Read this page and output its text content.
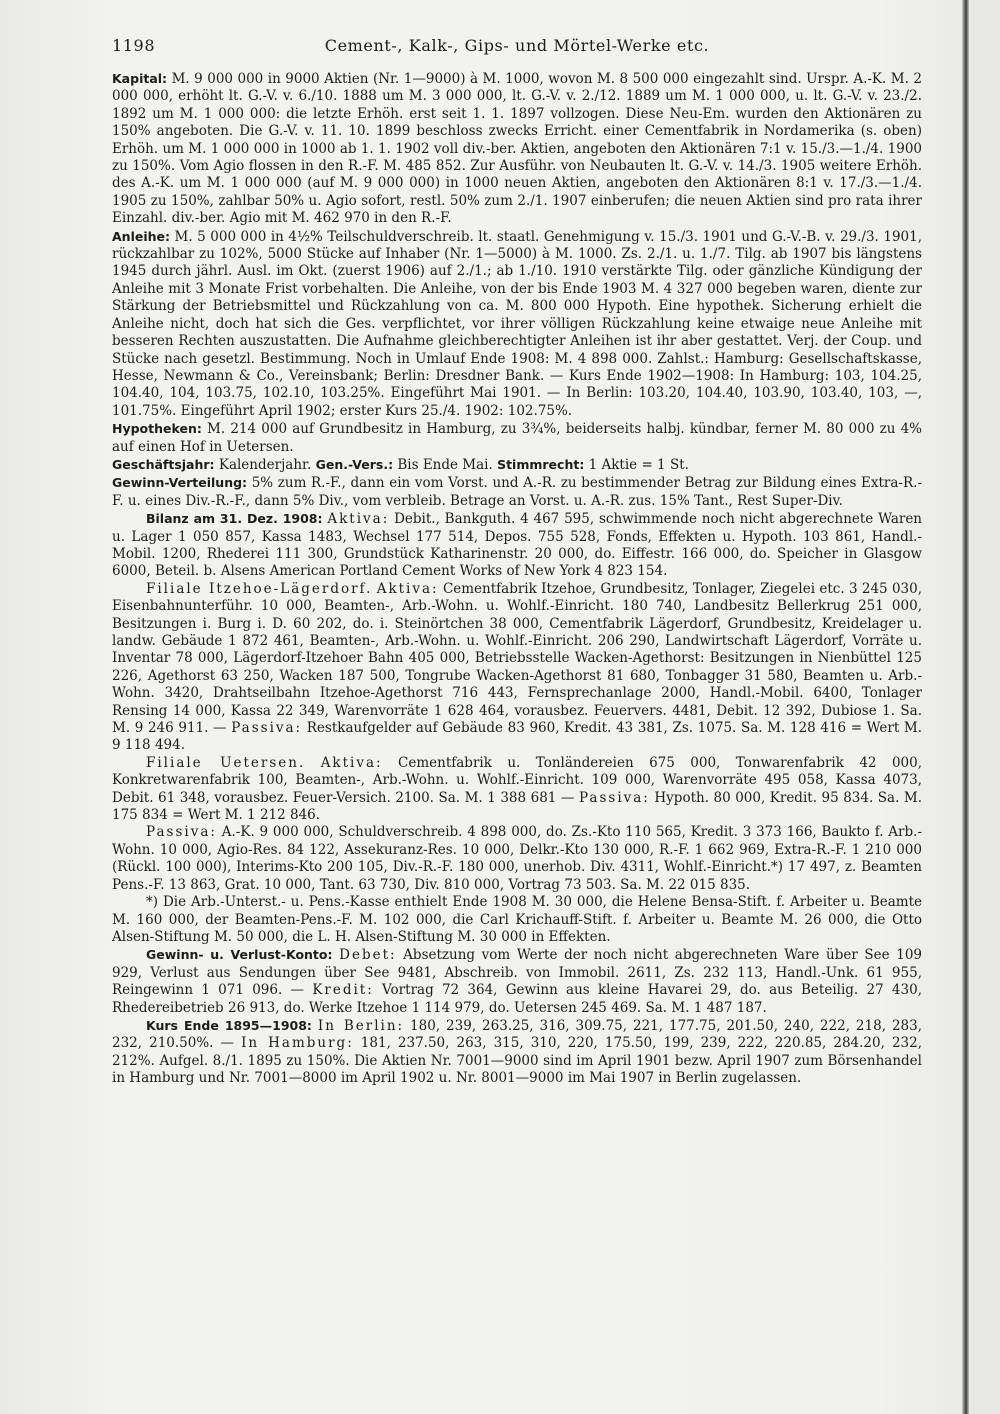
1198	Cement-, Kalk-, Gips- und Mörtel-Werke etc.

Kapital: M. 9 000 000 in 9000 Aktien (Nr. 1—9000) à M. 1000, wovon M. 8 500 000 eingezahlt sind. Urspr. A.-K. M. 2 000 000, erhöht lt. G.-V. v. 6./10. 1888 um M. 3 000 000, lt. G.-V. v. 2./12. 1889 um M. 1 000 000, u. lt. G.-V. v. 23./2. 1892 um M. 1 000 000: die letzte Erhöh. erst seit 1. 1. 1897 vollzogen. Diese Neu-Em. wurden den Aktionären zu 150% angeboten. Die G.-V. v. 11. 10. 1899 beschloss zwecks Erricht. einer Cementfabrik in Nordamerika (s. oben) Erhöh. um M. 1 000 000 in 1000 ab 1. 1. 1902 voll div.-ber. Aktien, angeboten den Aktionären 7:1 v. 15./3.—1./4. 1900 zu 150%. Vom Agio flossen in den R.-F. M. 485 852. Zur Ausführ. von Neubauten lt. G.-V. v. 14./3. 1905 weitere Erhöh. des A.-K. um M. 1 000 000 (auf M. 9 000 000) in 1000 neuen Aktien, angeboten den Aktionären 8:1 v. 17./3.—1./4. 1905 zu 150%, zahlbar 50% u. Agio sofort, restl. 50% zum 2./1. 1907 einberufen; die neuen Aktien sind pro rata ihrer Einzahl. div.-ber. Agio mit M. 462 970 in den R.-F.

Anleihe: M. 5 000 000 in 4½% Teilschuldverschreib. lt. staatl. Genehmigung v. 15./3. 1901 und G.-V.-B. v. 29./3. 1901, rückzahlbar zu 102%, 5000 Stücke auf Inhaber (Nr. 1—5000) à M. 1000. Zs. 2./1. u. 1./7. Tilg. ab 1907 bis längstens 1945 durch jährl. Ausl. im Okt. (zuerst 1906) auf 2./1.; ab 1./10. 1910 verstärkte Tilg. oder gänzliche Kündigung der Anleihe mit 3 Monate Frist vorbehalten. Die Anleihe, von der bis Ende 1903 M. 4 327 000 begeben waren, diente zur Stärkung der Betriebsmittel und Rückzahlung von ca. M. 800 000 Hypoth. Eine hypothek. Sicherung erhielt die Anleihe nicht, doch hat sich die Ges. verpflichtet, vor ihrer völligen Rückzahlung keine etwaige neue Anleihe mit besseren Rechten auszustatten. Die Aufnahme gleichberechtigter Anleihen ist ihr aber gestattet. Verj. der Coup. und Stücke nach gesetzl. Bestimmung. Noch in Umlauf Ende 1908: M. 4 898 000. Zahlst.: Hamburg: Gesellschaftskasse, Hesse, Newmann & Co., Vereinsbank; Berlin: Dresdner Bank. — Kurs Ende 1902—1908: In Hamburg: 103, 104.25, 104.40, 104, 103.75, 102.10, 103.25%. Eingeführt Mai 1901. — In Berlin: 103.20, 104.40, 103.90, 103.40, 103, —, 101.75%. Eingeführt April 1902; erster Kurs 25./4. 1902: 102.75%.

Hypotheken: M. 214 000 auf Grundbesitz in Hamburg, zu 3¾%, beiderseits halbj. kündbar, ferner M. 80 000 zu 4% auf einen Hof in Uetersen.

Geschäftsjahr: Kalenderjahr. Gen.-Vers.: Bis Ende Mai. Stimmrecht: 1 Aktie = 1 St.

Gewinn-Verteilung: 5% zum R.-F., dann ein vom Vorst. und A.-R. zu bestimmender Betrag zur Bildung eines Extra-R.-F. u. eines Div.-R.-F., dann 5% Div., vom verbleib. Betrage an Vorst. u. A.-R. zus. 15% Tant., Rest Super-Div.

Bilanz am 31. Dez. 1908: Aktiva: Debit., Bankguth. 4 467 595, schwimmende noch nicht abgerechnete Waren u. Lager 1 050 857, Kassa 1483, Wechsel 177 514, Depos. 755 528, Fonds, Effekten u. Hypoth. 103 861, Handl.-Mobil. 1200, Rhederei 111 300, Grundstück Katharinenstr. 20 000, do. Eiffestr. 166 000, do. Speicher in Glasgow 6000, Beteil. b. Alsens American Portland Cement Works of New York 4 823 154.

Filiale Itzehoe-Lägerdorf. Aktiva: Cementfabrik Itzehoe, Grundbesitz, Tonlager, Ziegelei etc. 3 245 030, Eisenbahnunterführ. 10 000, Beamten-, Arb.-Wohn. u. Wohlf.-Einricht. 180 740, Landbesitz Bellerkrug 251 000, Besitzungen i. Burg i. D. 60 202, do. i. Steinörtchen 38 000, Cementfabrik Lägerdorf, Grundbesitz, Kreidelager u. landw. Gebäude 1 872 461, Beamten-, Arb.-Wohn. u. Wohlf.-Einricht. 206 290, Landwirtschaft Lägerdorf, Vorräte u. Inventar 78 000, Lägerdorf-Itzehoer Bahn 405 000, Betriebsstelle Wacken-Agethorst: Besitzungen in Nienbüttel 125 226, Agethorst 63 250, Wacken 187 500, Tongrube Wacken-Agethorst 81 680, Tonbagger 31 580, Beamten u. Arb.-Wohn. 3420, Drahtseilbahn Itzehoe-Agethorst 716 443, Fernsprechanlage 2000, Handl.-Mobil. 6400, Tonlager Rensing 14 000, Kassa 22 349, Warenvorräte 1 628 464, vorausbez. Feuervers. 4481, Debit. 12 392, Dubiose 1. Sa. M. 9 246 911. — Passiva: Restkaufgelder auf Gebäude 83 960, Kredit. 43 381, Zs. 1075. Sa. M. 128 416 = Wert M. 9 118 494.

Filiale Uetersen. Aktiva: Cementfabrik u. Tonländereien 675 000, Tonwarenfabrik 42 000, Konkretwarenfabrik 100, Beamten-, Arb.-Wohn. u. Wohlf.-Einricht. 109 000, Warenvorräte 495 058, Kassa 4073, Debit. 61 348, vorausbez. Feuer-Versich. 2100. Sa. M. 1 388 681 — Passiva: Hypoth. 80 000, Kredit. 95 834. Sa. M. 175 834 = Wert M. 1 212 846.

Passiva: A.-K. 9 000 000, Schuldverschreib. 4 898 000, do. Zs.-Kto 110 565, Kredit. 3 373 166, Baukto f. Arb.-Wohn. 10 000, Agio-Res. 84 122, Assekuranz-Res. 10 000, Delkr.-Kto 130 000, R.-F. 1 662 969, Extra-R.-F. 1 210 000 (Rückl. 100 000), Interims-Kto 200 105, Div.-R.-F. 180 000, unerhob. Div. 4311, Wohlf.-Einricht.*) 17 497, z. Beamten Pens.-F. 13 863, Grat. 10 000, Tant. 63 730, Div. 810 000, Vortrag 73 503. Sa. M. 22 015 835.

*) Die Arb.-Unterst.- u. Pens.-Kasse enthielt Ende 1908 M. 30 000, die Helene Bensa-Stift. f. Arbeiter u. Beamte M. 160 000, der Beamten-Pens.-F. M. 102 000, die Carl Krichauff-Stift. f. Arbeiter u. Beamte M. 26 000, die Otto Alsen-Stiftung M. 50 000, die L. H. Alsen-Stiftung M. 30 000 in Effekten.

Gewinn- u. Verlust-Konto: Debet: Absetzung vom Werte der noch nicht abgerechneten Ware über See 109 929, Verlust aus Sendungen über See 9481, Abschreib. von Immobil. 2611, Zs. 232 113, Handl.-Unk. 61 955, Reingewinn 1 071 096. — Kredit: Vortrag 72 364, Gewinn aus kleine Havarei 29, do. aus Beteilig. 27 430, Rhedereibetrieb 26 913, do. Werke Itzehoe 1 114 979, do. Uetersen 245 469. Sa. M. 1 487 187.

Kurs Ende 1895—1908: In Berlin: 180, 239, 263.25, 316, 309.75, 221, 177.75, 201.50, 240, 222, 218, 283, 232, 210.50%. — In Hamburg: 181, 237.50, 263, 315, 310, 220, 175.50, 199, 239, 222, 220.85, 284.20, 232, 212%. Aufgel. 8./1. 1895 zu 150%. Die Aktien Nr. 7001—9000 sind im April 1901 bezw. April 1907 zum Börsenhandel in Hamburg und Nr. 7001—8000 im April 1902 u. Nr. 8001—9000 im Mai 1907 in Berlin zugelassen.
